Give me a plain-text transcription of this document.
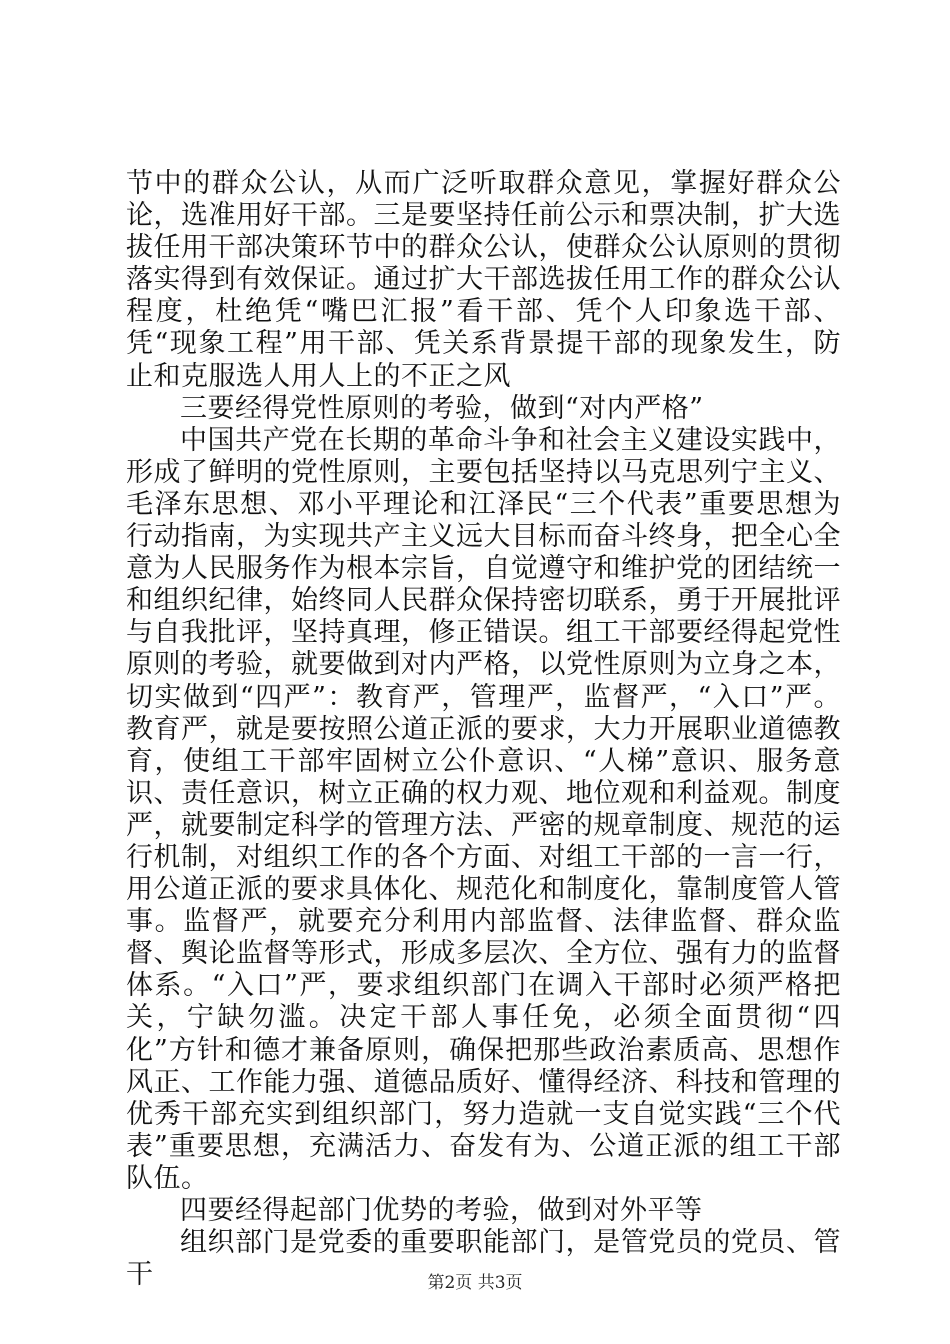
节中的群众公认，从而广泛听取群众意见，掌握好群众公论，选准用好干部。三是要坚持任前公示和票决制，扩大选拔任用干部决策环节中的群众公认，使群众公认原则的贯彻落实得到有效保证。通过扩大干部选拔任用工作的群众公认程度，杜绝凭“嘴巴汇报”看干部、凭个人印象选干部、凭“现象工程”用干部、凭关系背景提干部的现象发生，防止和克服选人用人上的不正之风

三要经得党性原则的考验，做到“对内严格”

中国共产党在长期的革命斗争和社会主义建设实践中，形成了鲜明的党性原则，主要包括坚持以马克思列宁主义、毛泽东思想、邓小平理论和江泽民“三个代表”重要思想为行动指南，为实现共产主义远大目标而奋斗终身，把全心全意为人民服务作为根本宗旨，自觉遵守和维护党的团结统一和组织纪律，始终同人民群众保持密切联系，勇于开展批评与自我批评，坚持真理，修正错误。组工干部要经得起党性原则的考验，就要做到对内严格，以党性原则为立身之本，切实做到“四严”：教育严，管理严，监督严，“入口”严。教育严，就是要按照公道正派的要求，大力开展职业道德教育，使组工干部牢固树立公仆意识、“人梯”意识、服务意识、责任意识，树立正确的权力观、地位观和利益观。制度严，就要制定科学的管理方法、严密的规章制度、规范的运行机制，对组织工作的各个方面、对组工干部的一言一行，用公道正派的要求具体化、规范化和制度化，靠制度管人管事。监督严，就要充分利用内部监督、法律监督、群众监督、舆论监督等形式，形成多层次、全方位、强有力的监督体系。“入口”严，要求组织部门在调入干部时必须严格把关，宁缺勿滥。决定干部人事任免，必须全面贯彻“四化”方针和德才兼备原则，确保把那些政治素质高、思想作风正、工作能力强、道德品质好、懂得经济、科技和管理的优秀干部充实到组织部门，努力造就一支自觉实践“三个代表”重要思想，充满活力、奋发有为、公道正派的组工干部队伍。

四要经得起部门优势的考验，做到对外平等

组织部门是党委的重要职能部门，是管党员的党员、管干	第2页 共3页
